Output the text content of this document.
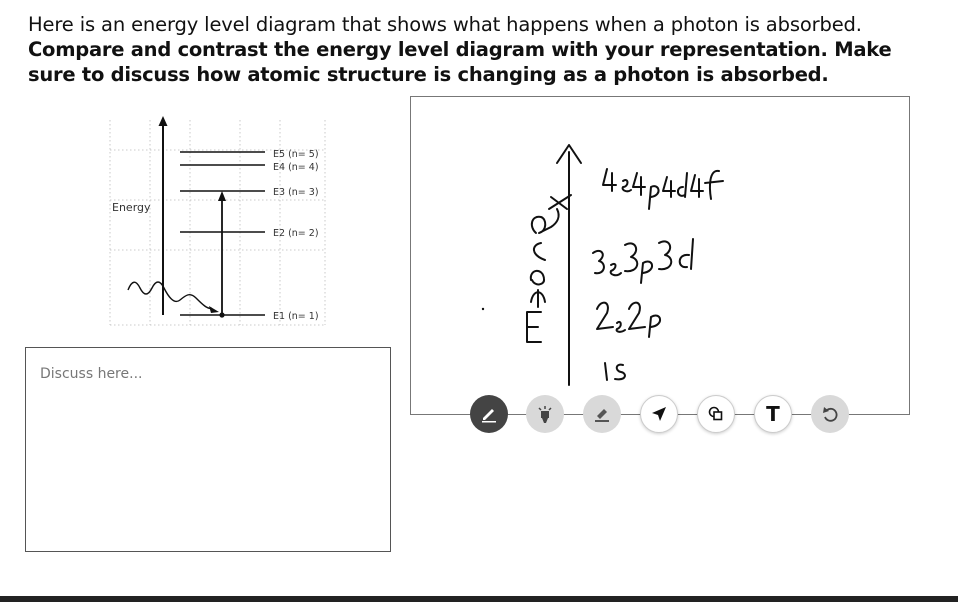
Here is an energy level diagram that shows what happens when a photon is absorbed.
Compare and contrast the energy level diagram with your representation. Make sure to discuss how atomic structure is changing as a photon is absorbed.
Energy
E5 (n= 5)
E4 (n= 4)
E3 (n= 3)
E2 (n= 2)
E1 (n= 1)
Discuss here...
T
